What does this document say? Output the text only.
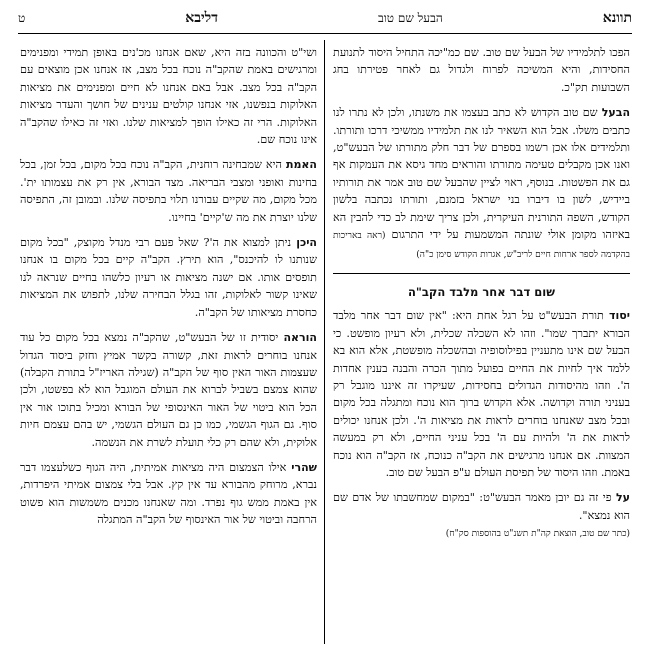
תוונא
הבעל שם טוב
דליבא
ט

הפכו לתלמידיו של הבעל שם טוב. שם כמ"יכה התחיל היסוד לתנועת החסידות, והיא המשיכה לפרוח ולגדול גם לאחר פטירתו בחג השבועות תק"כ.

הבעל שם טוב הקדוש לא כתב בעצמו את משנתו, ולכן לא נתרו לנו כתבים משלו. אבל הוא השאיר לנו את תלמידיו ממשיכי דרכו ותורתו. ותלמידים אלו אכן רשמו בספרם של דבר חלק מתורתו של הבעש"ט, ואנו אכן מקבלים טעימה מתורתו והוראים מחד גיסא את העמקות אף גם את הפשטות. בנוסף, ראוי לציין שהבעל שם טוב אמר את תורותיו ביידיש, לשון בו דיברו בני ישראל בזמנם, ותורתו נכתבה בלשון הקודש, השפה התורנית העיקרית, ולכן צריך שימת לב כדי להבין הא באיזהו מקומן אולי שונתה המשמעות על ידי התרגום (ראה באריכות בהקדמה לספר ארחות חיים לריב"ש, אגרות הקודש סימן כ"ה)

שום דבר אחר מלבד הקב"ה

יסוד תורת הבעש"ט על רגל אחת היא: "אין שום דבר אחר מלבד הבורא יתברך שמו". וזהו לא השכלה שכלית, ולא רעיון מופשט. כי הבעל שם אינו מתעניין בפילוסופיה ובהשכלה מופשטת, אלא הוא בא ללמד איך לחיות את החיים בפועל מתוך הכרה והבנה בענין אחדות ה'. וזהו מהיסודות הגדולים בחסידות, שעיקרו זה איננו מוגבל רק בעניני תורה וקדושה. אלא הקדוש ברוך הוא נוכח ומתגלה בכל מקום ובכל מצב שאנחנו בוחרים לראות את מציאות ה'. ולכן אנחנו יכולים לראות את ה' ולהיות עם ה' בכל עניני החיים, ולא רק במעשה המצוות. אם אנחנו מרגישים את הקב"ה כנוכח, אז הקב"ה הוא נוכח באמת. וזהו היסוד של תפיסת העולם ע"פ הבעל שם טוב.

על פי זה גם יובן מאמר הבעש"ט: "במקום שמחשבתו של אדם שם הוא נמצא".
(כתר שם טוב, הוצאת קה"ת תשנ"ט בהוספות סק"ח)

ושי"ט והכוונה בזה היא, שאם אנחנו מכ'נים באופן תמידי ומפנימים ומרגישים באמת שהקב"ה נוכח בכל מצב, אז אנחנו אכן מוצאים עם הקב"ה בכל מצב. אבל באם אנחנו לא חיים ומפנימים את מציאות האלוקות בנפשנו, אזי אנחנו קולטים ענינים של חושך והעדר מציאות האלוקות. הרי זה כאילו הופך למציאות שלנו. ואזי זה כאילו שהקב"ה אינו נוכח שם.

האמת היא שמבחינה רוחנית, הקב"ה נוכח בכל מקום, בכל זמן, בכל בחינות ואופני ומצבי הבריאה. מצד הבורא, אין רק את עצמותו ית'. מכל מקום, מה שקיים עבורנו תלוי בתפיסה שלנו. ובמובן זה, התפיסה שלנו יוצרת את מה ש'קיים' בחיינו.

היכן ניתן למצוא את ה'? שאל פעם רבי מנדל מקוצק, "בכל מקום שנותנו לו להיכנס", הוא תירץ. הקב"ה קיים בכל מקום בו אנחנו תופסים אותו. אם ישנה מציאות או רעיון כלשהו בחיים שנראה לנו שאינו קשור לאלוקות, זהו בגלל הבחירה שלנו, לתפוש את המציאות כחסרת מציאותו של הקב"ה.

הוראה יסודית זו של הבעש"ט, שהקב"ה נמצא בכל מקום כל עוד אנחנו בוחרים לראות זאת, קשורה בקשר אמיץ וחזק ביסוד הגדול שעצמות האור האין סוף של הקב"ה (שגילה האריז"ל בתורת הקבלה) שהוא צמצם בשביל לברוא את העולם המוגבל הוא לא בפשטו, ולכן הכל הוא ביטוי של האור האינסופי של הבורא ומכיל בתוכו אור אין סוף. גם הגוף הגשמי, כמו כן גם העולם הגשמי, יש בהם עצמם חיות אלוקית, ולא שהם רק כלי תועלת לשרת את הנשמה.

שהרי אילו הצמצום היה מציאות אמיתית, היה הגוף כשלעצמו דבר נברא, מרוחק מהבורא עד אין קץ. אבל בלי צמצום אמיתי היפרדות, אין באמת ממש גוף נפרד. ומה שאנחנו מכנים משמשות הוא פשוט הרחבה וביטוי של אור האינסוף של הקב"ה המתגלה
